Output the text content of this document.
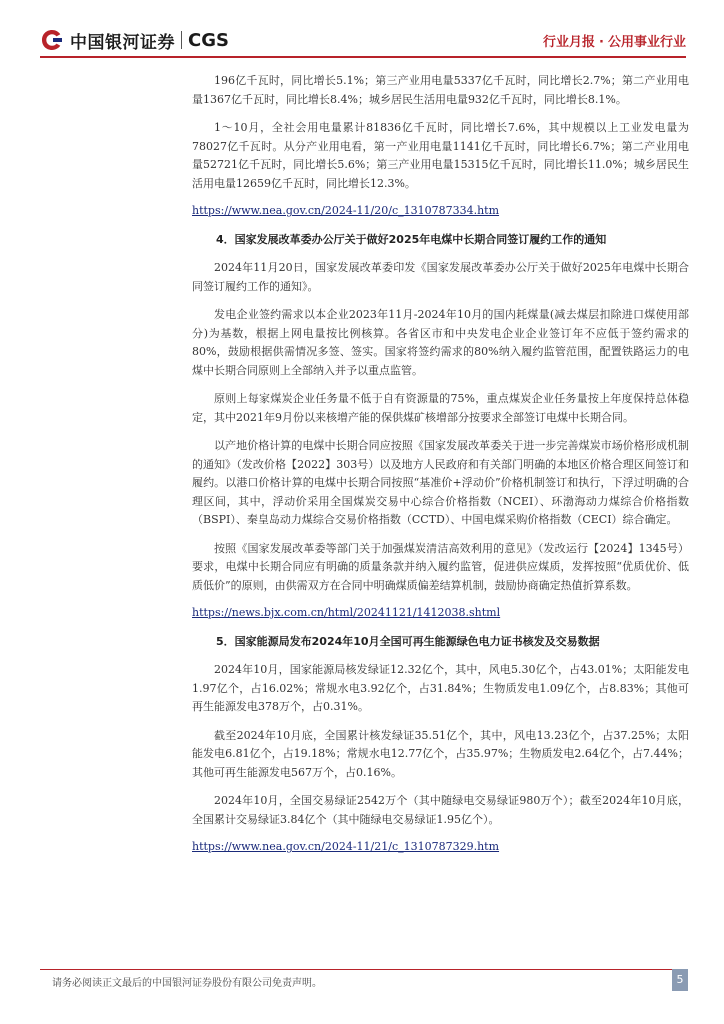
中国银河证券 CGS	行业月报 · 公用事业行业

196亿千瓦时，同比增长5.1%；第三产业用电量5337亿千瓦时，同比增长2.7%；第二产业用电量1367亿千瓦时，同比增长8.4%；城乡居民生活用电量932亿千瓦时，同比增长8.1%。

1～10月，全社会用电量累计81836亿千瓦时，同比增长7.6%，其中规模以上工业发电量为78027亿千瓦时。从分产业用电看，第一产业用电量1141亿千瓦时，同比增长6.7%；第二产业用电量52721亿千瓦时，同比增长5.6%；第三产业用电量15315亿千瓦时，同比增长11.0%；城乡居民生活用电量12659亿千瓦时，同比增长12.3%。

https://www.nea.gov.cn/2024-11/20/c_1310787334.htm

4．国家发展改革委办公厅关于做好2025年电煤中长期合同签订履约工作的通知

2024年11月20日，国家发展改革委印发《国家发展改革委办公厅关于做好2025年电煤中长期合同签订履约工作的通知》。

发电企业签约需求以本企业2023年11月-2024年10月的国内耗煤量(减去煤层扣除进口煤使用部分)为基数，根据上网电量按比例核算。各省区市和中央发电企业企业签订年不应低于签约需求的80%，鼓励根据供需情况多签、签实。国家将签约需求的80%纳入履约监管范围，配置铁路运力的电煤中长期合同原则上全部纳入并予以重点监管。

原则上每家煤炭企业任务量不低于自有资源量的75%，重点煤炭企业任务量按上年度保持总体稳定，其中2021年9月份以来核增产能的保供煤矿核增部分按要求全部签订电煤中长期合同。

以产地价格计算的电煤中长期合同应按照《国家发展改革委关于进一步完善煤炭市场价格形成机制的通知》（发改价格【2022】303号）以及地方人民政府和有关部门明确的本地区价格合理区间签订和履约。以港口价格计算的电煤中长期合同按照“基准价+浮动价”价格机制签订和执行，下浮过明确的合理区间，其中，浮动价采用全国煤炭交易中心综合价格指数（NCEI）、环渤海动力煤综合价格指数（BSPI）、秦皇岛动力煤综合交易价格指数（CCTD）、中国电煤采购价格指数（CECI）综合确定。

按照《国家发展改革委等部门关于加强煤炭清洁高效利用的意见》（发改运行【2024】1345号）要求，电煤中长期合同应有明确的质量条款并纳入履约监管，促进供应煤质，发挥按照“优质优价、低质低价”的原则，由供需双方在合同中明确煤质偏差结算机制，鼓励协商确定热值折算系数。

https://news.bjx.com.cn/html/20241121/1412038.shtml

5．国家能源局发布2024年10月全国可再生能源绿色电力证书核发及交易数据

2024年10月，国家能源局核发绿证12.32亿个，其中，风电5.30亿个，占43.01%；太阳能发电1.97亿个，占16.02%；常规水电3.92亿个，占31.84%；生物质发电1.09亿个，占8.83%；其他可再生能源发电378万个，占0.31%。

截至2024年10月底，全国累计核发绿证35.51亿个，其中，风电13.23亿个，占37.25%；太阳能发电6.81亿个，占19.18%；常规水电12.77亿个，占35.97%；生物质发电2.64亿个，占7.44%；其他可再生能源发电567万个，占0.16%。

2024年10月，全国交易绿证2542万个（其中随绿电交易绿证980万个）；截至2024年10月底，全国累计交易绿证3.84亿个（其中随绿电交易绿证1.95亿个）。

https://www.nea.gov.cn/2024-11/21/c_1310787329.htm

请务必阅读正文最后的中国银河证券股份有限公司免责声明。	5
